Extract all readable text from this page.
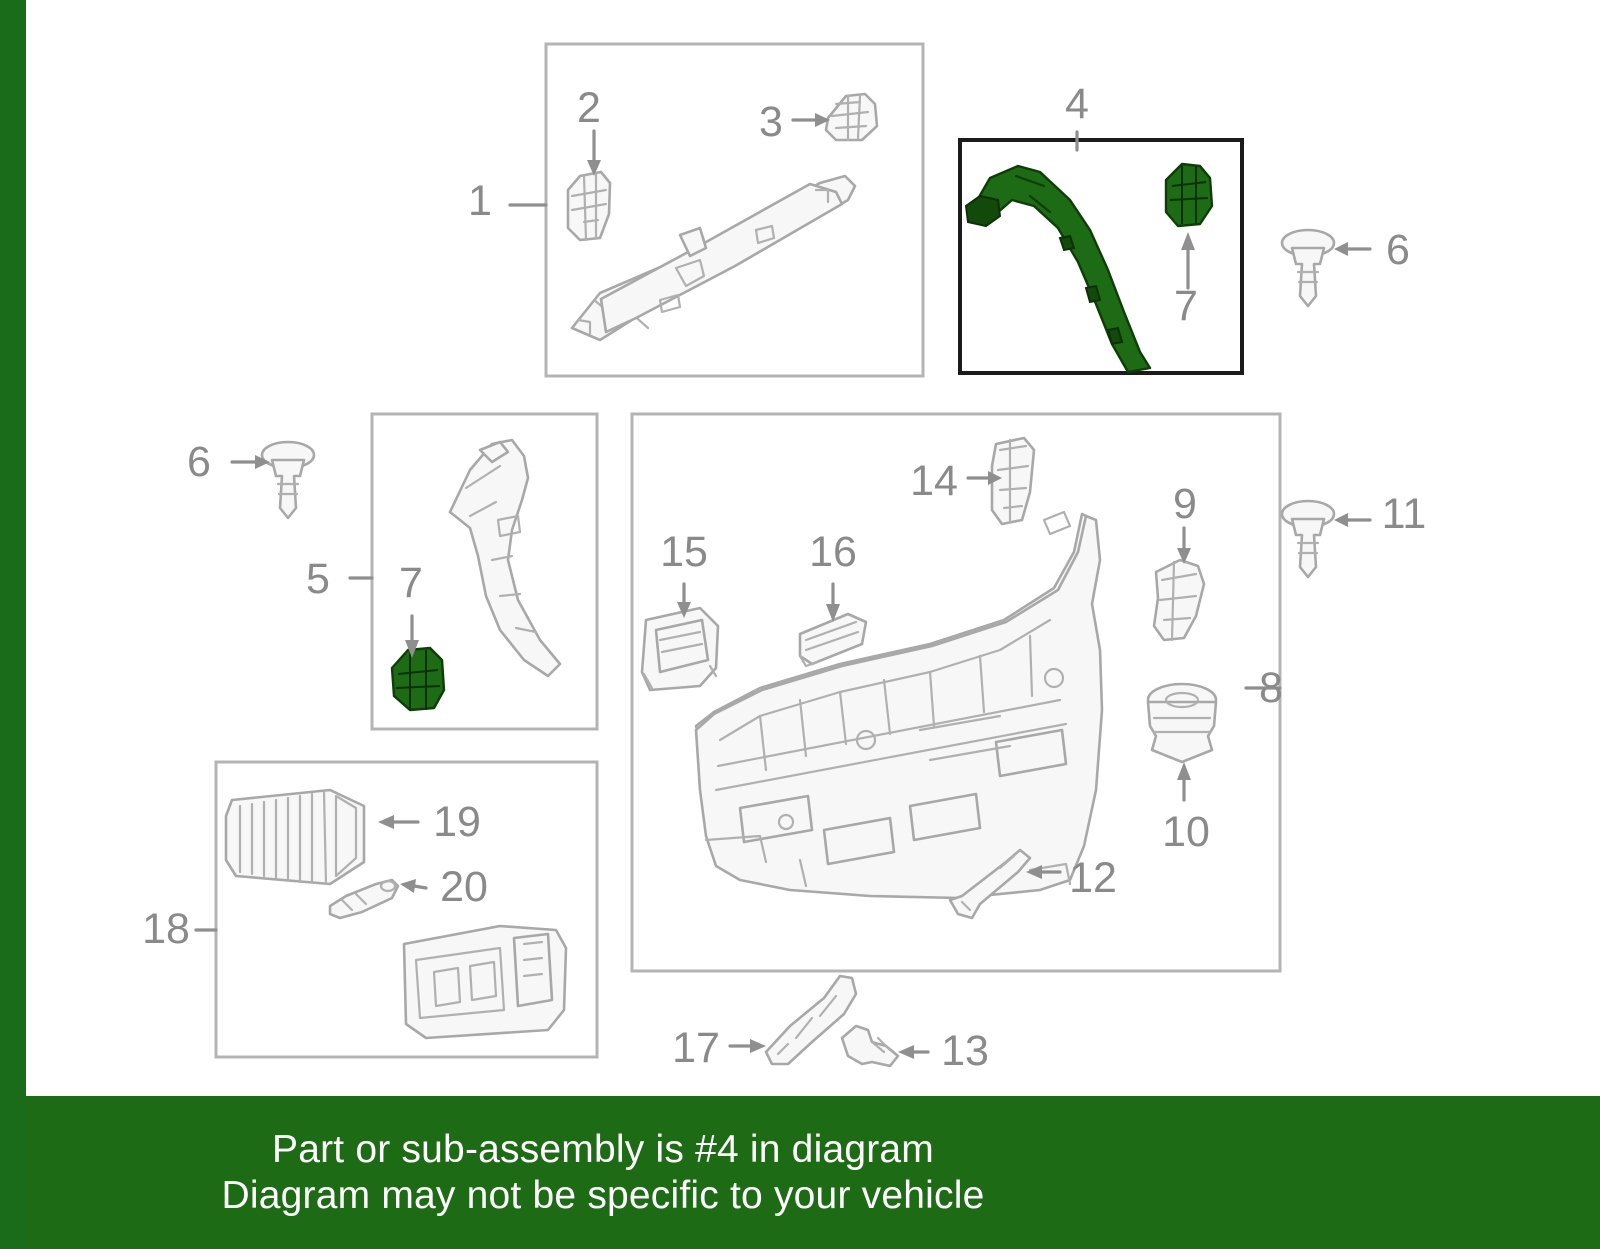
1
2	3	4
6
7
6
5 7
11
14	9
15 16
8
10
19
20
18
12
17	13
Part or sub-assembly is #4 in diagram
Diagram may not be specific to your vehicle
